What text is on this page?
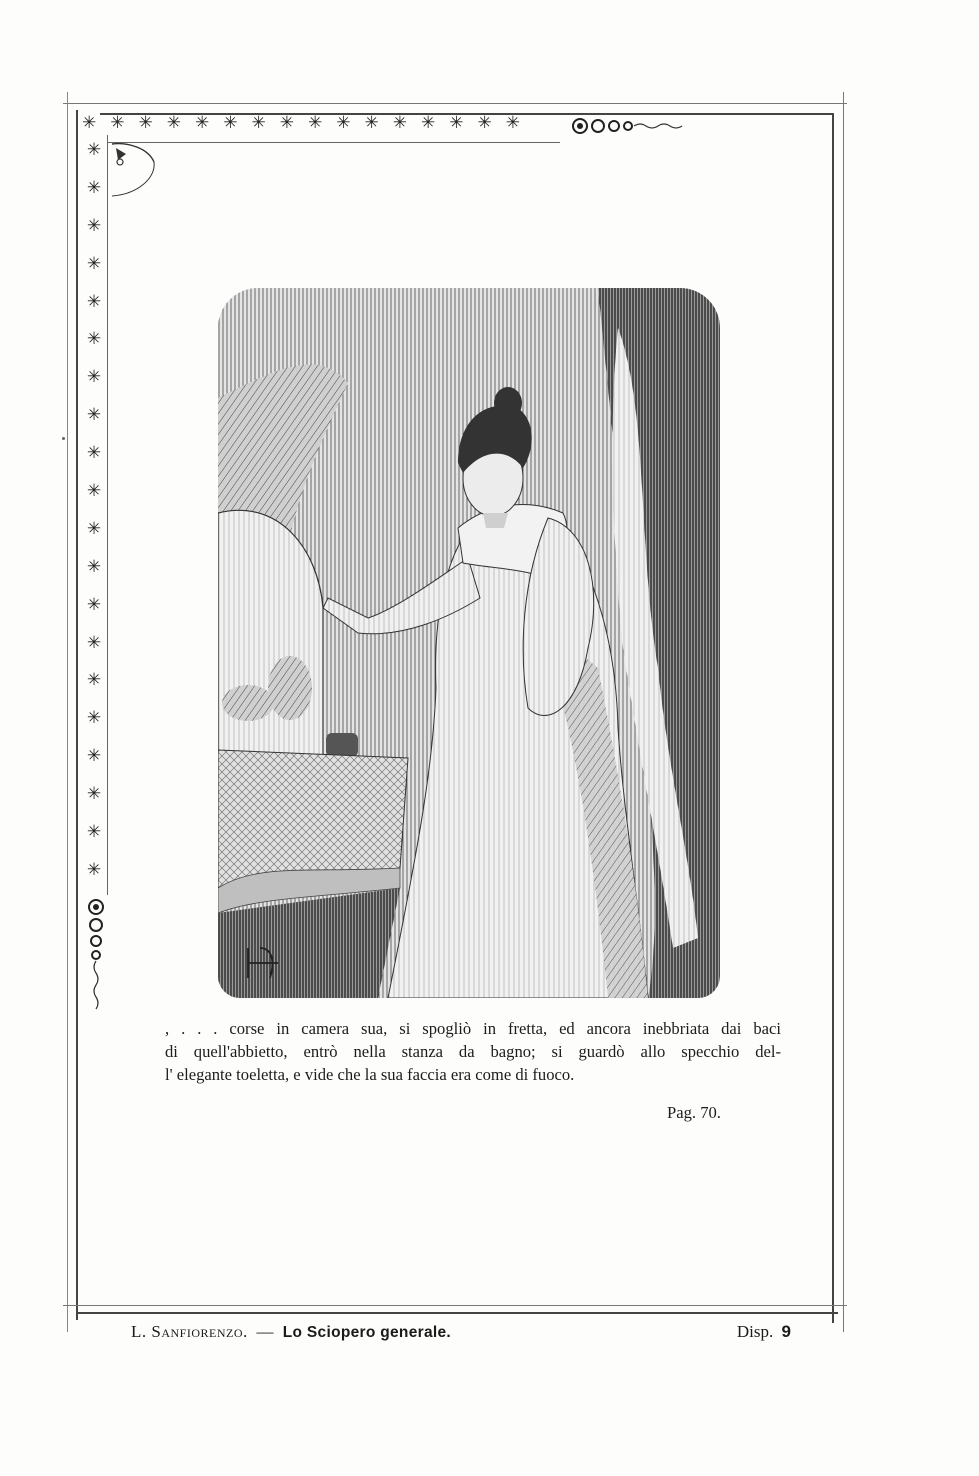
✳ ✳ ✳ ✳ ✳ ✳ ✳ ✳ ✳ ✳ ✳ ✳ ✳ ✳ ✳ ✳
✳
✳
✳
✳
✳
✳
✳
✳
✳
✳
✳
✳
✳
✳
✳
✳
✳
✳
✳
✳
, . . . corse in camera sua, si spogliò in fretta, ed ancora inebbriata dai baci
di quell'abbietto, entrò nella stanza da bagno; si guardò allo specchio del-
l' elegante toeletta, e vide che la sua faccia era come di fuoco.
Pag. 70.
L. Sanfiorenzo. — Lo Sciopero generale.	Disp. 9
